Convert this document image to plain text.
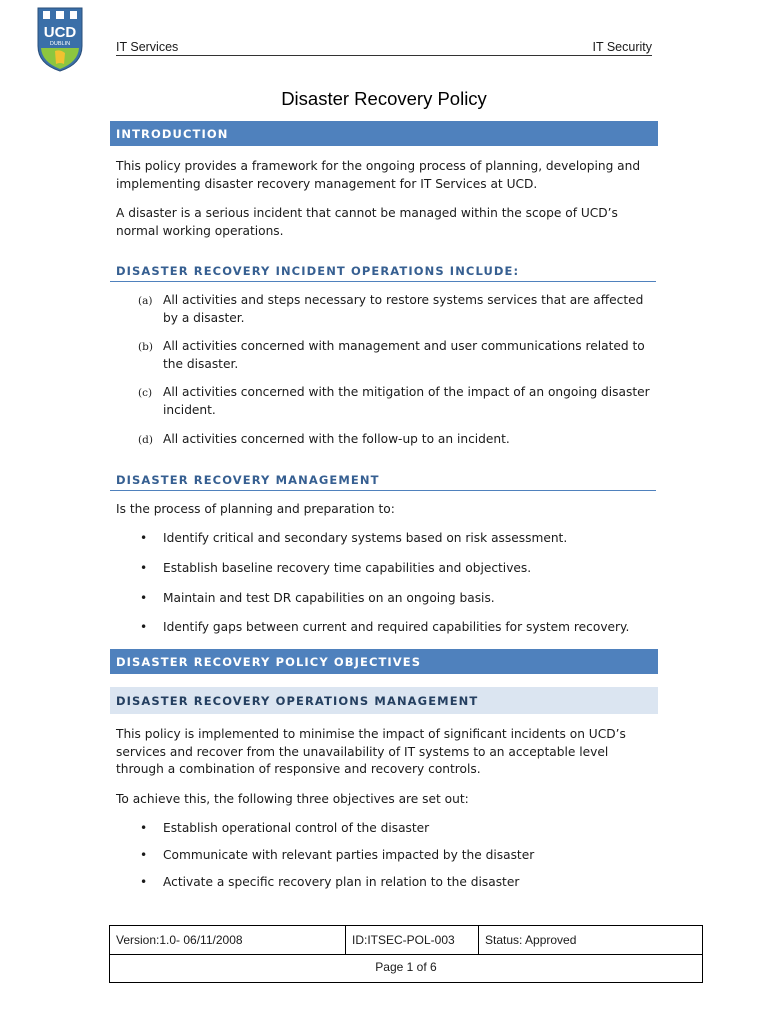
UCD
DUBLIN	IT Services	IT Security
Disaster Recovery Policy
INTRODUCTION
This policy provides a framework for the ongoing process of planning, developing and implementing disaster recovery management for IT Services at UCD.
A disaster is a serious incident that cannot be managed within the scope of UCD’s normal working operations.
DISASTER RECOVERY INCIDENT OPERATIONS INCLUDE:
(a) All activities and steps necessary to restore systems services that are affected by a disaster.
(b) All activities concerned with management and user communications related to the disaster.
(c) All activities concerned with the mitigation of the impact of an ongoing disaster incident.
(d) All activities concerned with the follow-up to an incident.
DISASTER RECOVERY MANAGEMENT
Is the process of planning and preparation to:
•	Identify critical and secondary systems based on risk assessment.
•	Establish baseline recovery time capabilities and objectives.
•	Maintain and test DR capabilities on an ongoing basis.
•	Identify gaps between current and required capabilities for system recovery.
DISASTER RECOVERY POLICY OBJECTIVES
DISASTER RECOVERY OPERATIONS MANAGEMENT
This policy is implemented to minimise the impact of significant incidents on UCD’s services and recover from the unavailability of IT systems to an acceptable level through a combination of responsive and recovery controls.
To achieve this, the following three objectives are set out:
•	Establish operational control of the disaster
•	Communicate with relevant parties impacted by the disaster
•	Activate a specific recovery plan in relation to the disaster
Version:1.0- 06/11/2008	ID:ITSEC-POL-003	Status: Approved
Page 1 of 6
